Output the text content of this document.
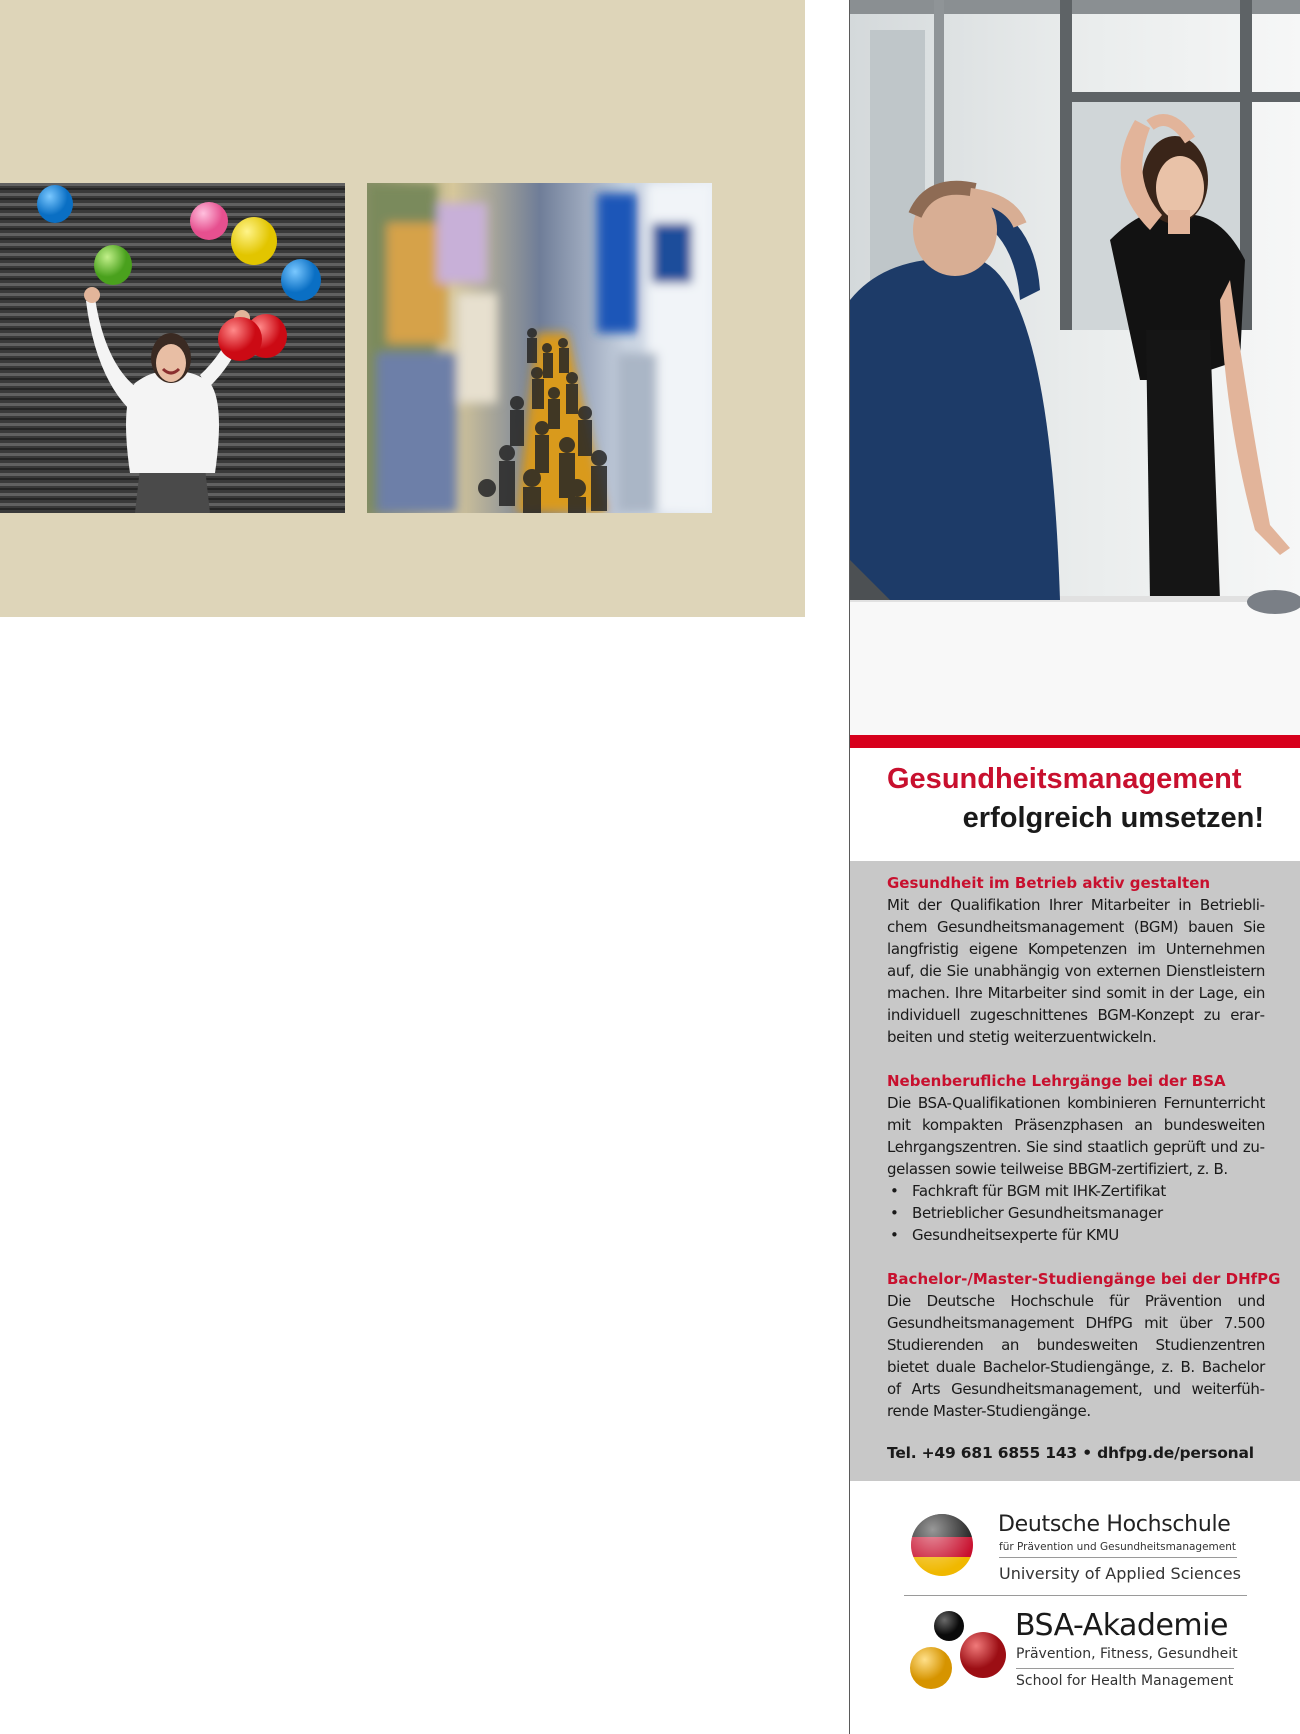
Gesundheitsmanagement
erfolgreich umsetzen!
Gesundheit im Betrieb aktiv gestalten

Mit der Qualifikation Ihrer Mitarbeiter in Betrieblichem Gesundheitsmanagement (BGM) bauen Sie langfristig eigene Kompetenzen im Unternehmen auf, die Sie unabhängig von externen Dienstleistern machen. Ihre Mitarbeiter sind somit in der Lage, ein individuell zugeschnittenes BGM-Konzept zu erarbeiten und stetig weiterzuentwickeln.

Nebenberufliche Lehrgänge bei der BSA

Die BSA-Qualifikationen kombinieren Fernunterricht mit kompakten Präsenzphasen an bundesweiten Lehrgangszentren. Sie sind staatlich geprüft und zugelassen sowie teilweise BBGM-zertifiziert, z. B.

• Fachkraft für BGM mit IHK-Zertifikat
• Betrieblicher Gesundheitsmanager
• Gesundheitsexperte für KMU
Bachelor-/Master-Studiengänge bei der DHfPG

Die Deutsche Hochschule für Prävention und Gesundheitsmanagement DHfPG mit über 7.500 Studierenden an bundesweiten Studienzentren bietet duale Bachelor-Studiengänge, z. B. Bachelor of Arts Gesundheitsmanagement, und weiterführende Master-Studiengänge.

Tel. +49 681 6855 143 • dhfpg.de/personal
Deutsche Hochschule
für Prävention und Gesundheitsmanagement
University of Applied Sciences
BSA-Akademie
Prävention, Fitness, Gesundheit
School for Health Management
